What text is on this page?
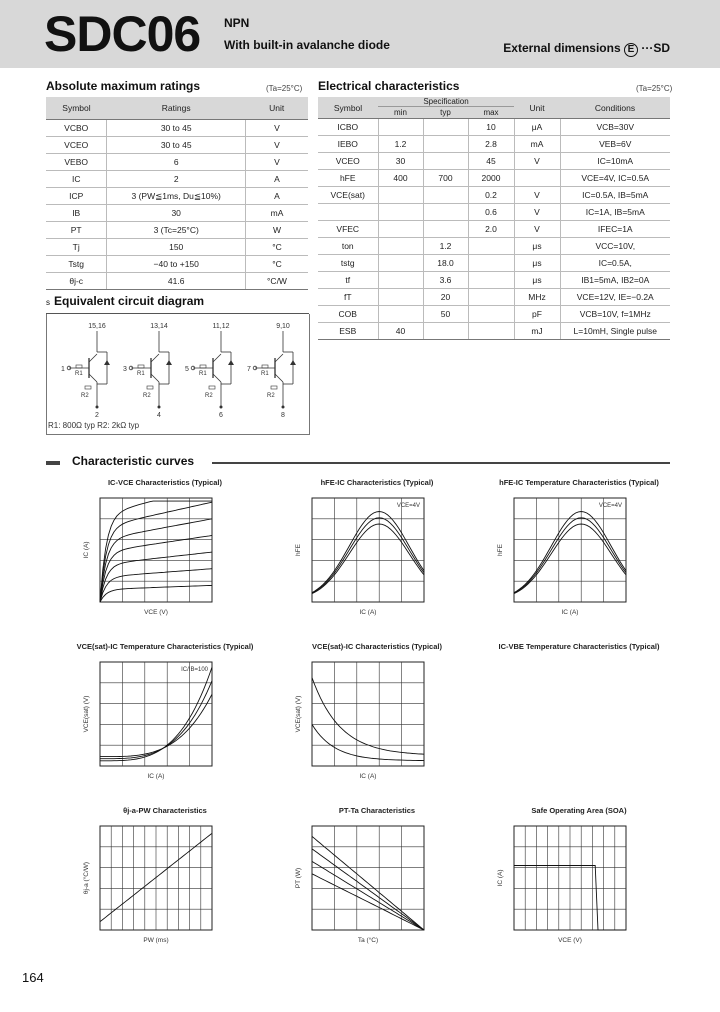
SDC06 NPN
With built-in avalanche diode	External dimensions E ···SD
Absolute maximum ratings	(Ta=25°C)
Symbol	Ratings	Unit
VCBO	30 to 45	V
VCEO	30 to 45	V
VEBO	6	V
IC	2	A
ICP	3 (PW≦1ms, Du≦10%)	A
IB	30	mA
PT	3 (Tc=25°C)	W
Tj	150	°C
Tstg	−40 to +150	°C
θj-c	41.6	°C/W
Electrical characteristics	(Ta=25°C)
Symbol	Specification			Unit	Conditions
	min	typ	max		
ICBO			10	μA	VCB=30V
IEBO	1.2		2.8	mA	VEB=6V
VCEO	30		45	V	IC=10mA
hFE	400	700	2000		VCE=4V, IC=0.5A
VCE(sat)			0.2	V	IC=0.5A, IB=5mA
			0.6	V	IC=1A, IB=5mA
VFEC			2.0	V	IFEC=1A
ton		1.2		μs	VCC=10V,
tstg		18.0		μs	IC=0.5A,
tf		3.6		μs	IB1=5mA, IB2=0A
fT		20		MHz	VCE=12V, IE=−0.2A
COB		50		pF	VCB=10V, f=1MHz
ESB	40			mJ	L=10mH, Single pulse
s Equivalent circuit diagram
15,16
1
R1
R2
2
13,14
3
R1
R2
4
11,12
5
R1
R2
6
9,10
7
R1
R2
8
R1: 800Ω typ R2: 2kΩ typ
Characteristic curves
IC-VCE Characteristics (Typical)
VCE (V)
IC (A)
hFE-IC Characteristics (Typical)
IC (A)
hFE
VCE=4V
hFE-IC Temperature Characteristics (Typical)
IC (A)
hFE
VCE=4V
VCE(sat)-IC Temperature Characteristics (Typical)
IC (A)
VCE(sat) (V)
IC/IB=100
VCE(sat)-IC Characteristics (Typical)
IC (A)
VCE(sat) (V)
IC-VBE Temperature Characteristics (Typical)
θj-a-PW Characteristics
PW (ms)
θj-a (°C/W)
PT-Ta Characteristics
Ta (°C)
PT (W)
Safe Operating Area (SOA)
VCE (V)
IC (A)
164
